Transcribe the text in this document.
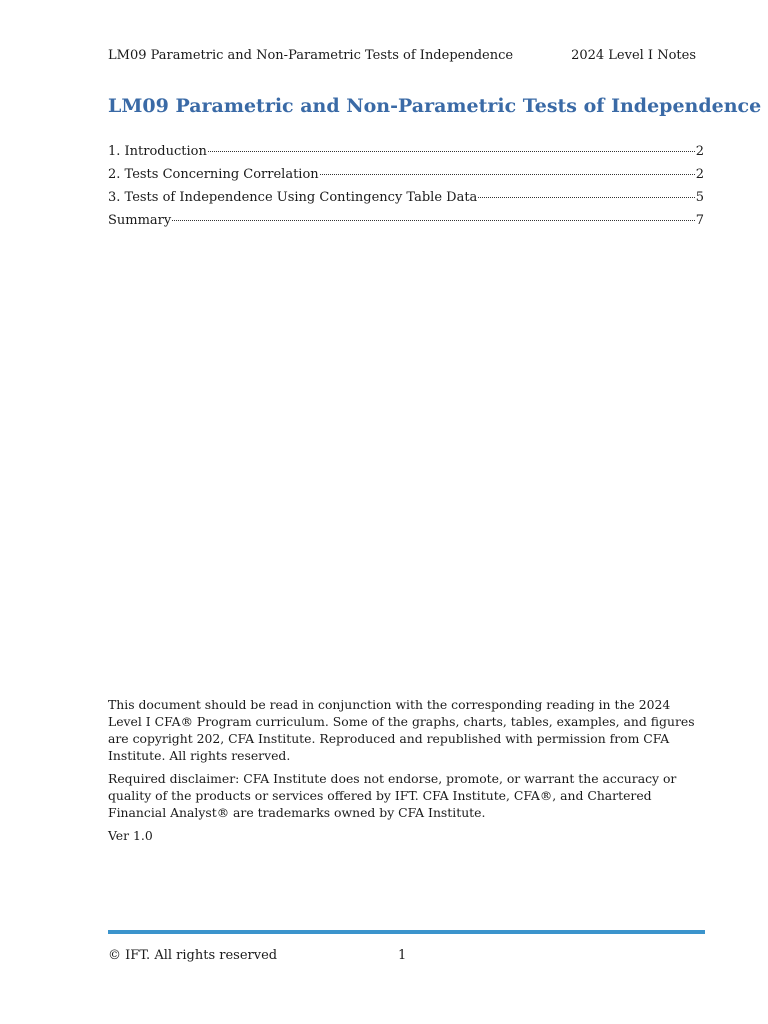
LM09 Parametric and Non-Parametric Tests of Independence	2024 Level I Notes
LM09 Parametric and Non-Parametric Tests of Independence
1. Introduction	2
2. Tests Concerning Correlation	2
3. Tests of Independence Using Contingency Table Data	5
Summary	7

This document should be read in conjunction with the corresponding reading in the 2024 Level I CFA® Program curriculum. Some of the graphs, charts, tables, examples, and figures are copyright 202, CFA Institute. Reproduced and republished with permission from CFA Institute. All rights reserved.

Required disclaimer: CFA Institute does not endorse, promote, or warrant the accuracy or quality of the products or services offered by IFT. CFA Institute, CFA®, and Chartered Financial Analyst® are trademarks owned by CFA Institute.

Ver 1.0

© IFT. All rights reserved	1
